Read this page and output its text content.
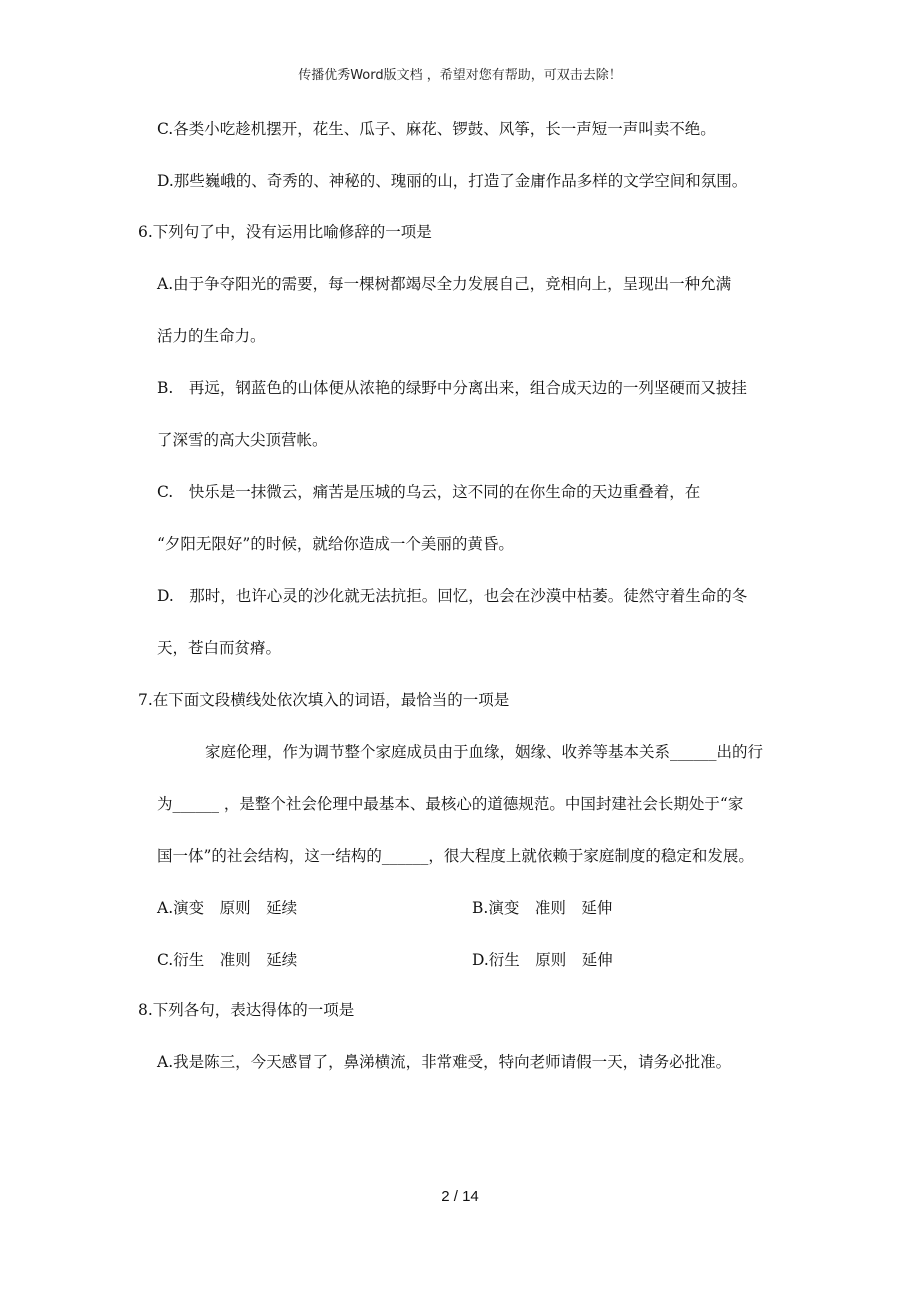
传播优秀Word版文档 ，希望对您有帮助，可双击去除！
C.各类小吃趁机摆开，花生、瓜子、麻花、锣鼓、风筝，长一声短一声叫卖不绝。
D.那些巍峨的、奇秀的、神秘的、瑰丽的山，打造了金庸作品多样的文学空间和氛围。
6.下列句了中，没有运用比喻修辞的一项是
A.由于争夺阳光的需要，每一棵树都竭尽全力发展自己，竞相向上，呈现出一种允满
活力的生命力。
B.　再远，钢蓝色的山体便从浓艳的绿野中分离出来，组合成天边的一列坚硬而又披挂
了深雪的高大尖顶营帐。
C.　快乐是一抹微云，痛苦是压城的乌云，这不同的在你生命的天边重叠着，在
“夕阳无限好”的时候，就给你造成一个美丽的黄昏。
D.　那时，也许心灵的沙化就无法抗拒。回忆，也会在沙漠中枯萎。徒然守着生命的冬
天，苍白而贫瘠。
7.在下面文段横线处依次填入的词语，最恰当的一项是
家庭伦理，作为调节整个家庭成员由于血缘，姻缘、收养等基本关系______出的行
为______ ，是整个社会伦理中最基本、最核心的道德规范。中国封建社会长期处于“家
国一体”的社会结构，这一结构的______，很大程度上就依赖于家庭制度的稳定和发展。
A.演变　原则　延续	B.演变　准则　延伸
C.衍生　准则　延续	D.衍生　原则　延伸
8.下列各句，表达得体的一项是
A.我是陈三，今天感冒了，鼻涕横流，非常难受，特向老师请假一天，请务必批准。
2 / 14
